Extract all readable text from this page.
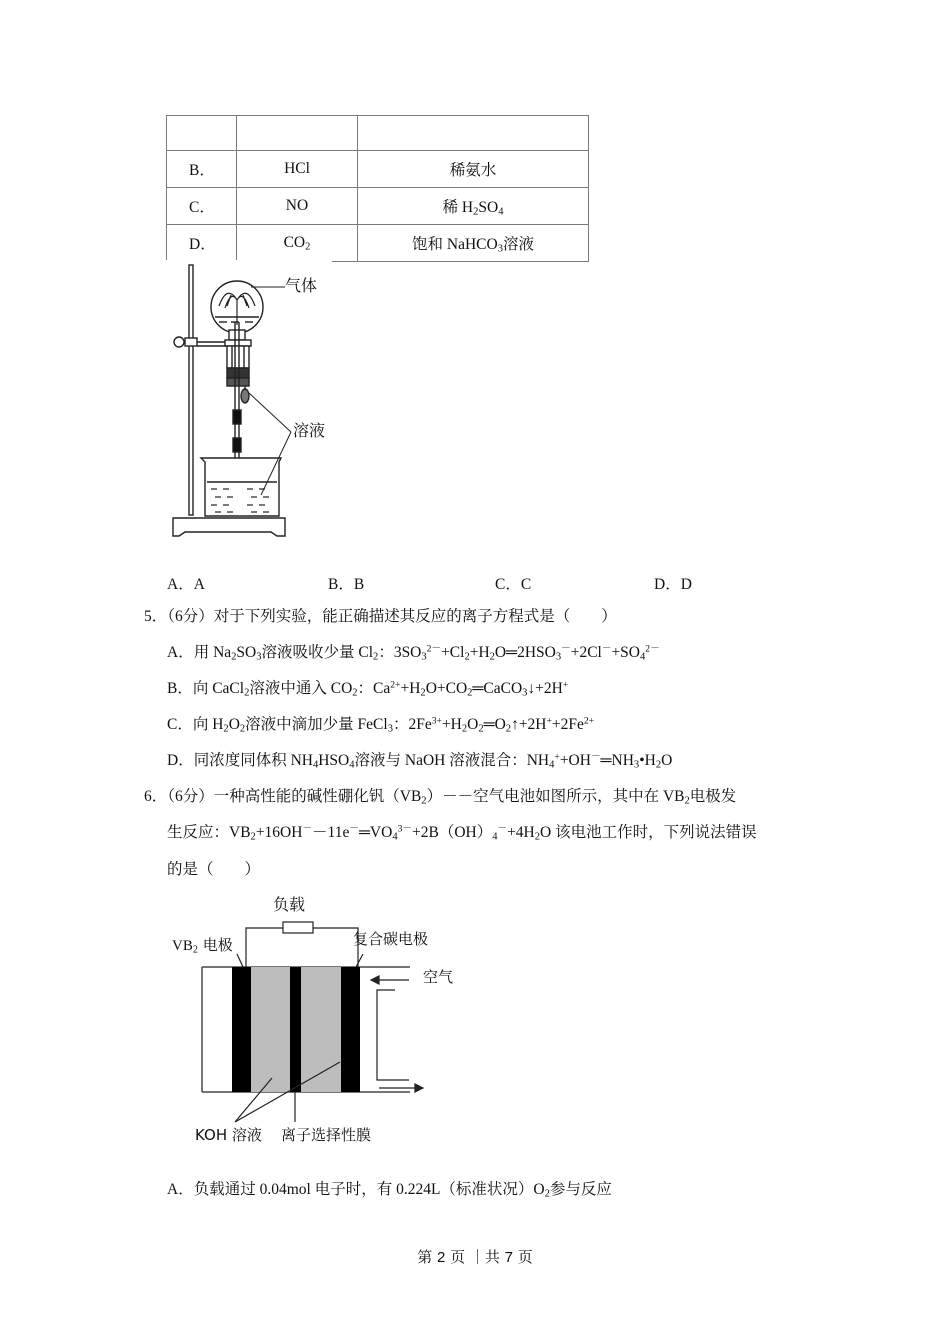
B．	HCl	稀氨水
C．	NO	稀 $H_2SO_4$
D．	$CO_2$	饱和 NaHCO$_3$溶液
气体
溶液
A．A	B．B	C．C	D．D
5．（6分）对于下列实验，能正确描述其反应的离子方程式是（　　）
A．用 $Na_2SO_3$溶液吸收少量 $Cl_2$：$3SO_3^{2-}+Cl_2+H_2O═2HSO_3^-+2Cl^-+SO_4^{2-}$
B．向 CaCl$_2$溶液中通入 $CO_2$：$Ca^{2+}+H_2O+CO_2═CaCO_3↓+2H^+$
C．向 $H_2O_2$溶液中滴加少量 FeCl$_3$：$2Fe^{3+}+H_2O_2═O_2↑+2H^++2Fe^{2+}$
D．同浓度同体积 $NH_4HSO_4$溶液与 NaOH 溶液混合：$NH_4^++OH^-═NH_3•H_2O$
6．（6分）一种高性能的碱性硼化钒$(VB_2)--$空气电池如图所示，其中在 $VB_2$电极发
生反应：$VB_2+16OH^--11e^-═VO_4^{3-}+2B(OH)_4^-+4H_2O$ 该电池工作时，下列说法错误
的是（　　）
负载
$VB_2$ 电极	复合碳电极
空气
KOH 溶液 离子选择性膜
A．负载通过 0.04mol 电子时，有 0.224L（标准状况）$O_2$参与反应
第 2 页 ｜共 7 页
